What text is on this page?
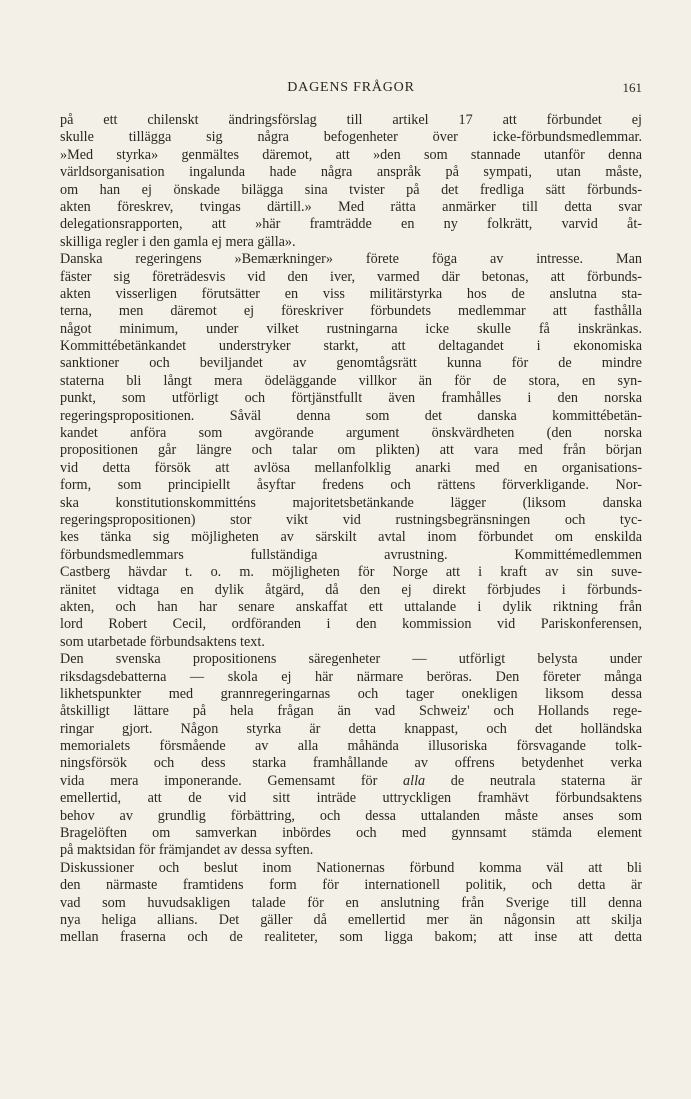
DAGENS FRÅGOR	161
på ett chilenskt ändringsförslag till artikel 17 att förbundet ej
skulle tillägga sig några befogenheter över icke-förbundsmedlemmar.
»Med styrka» genmältes däremot, att »den som stannade utanför denna
världsorganisation ingalunda hade några anspråk på sympati, utan måste,
om han ej önskade bilägga sina tvister på det fredliga sätt förbunds-
akten föreskrev, tvingas därtill.» Med rätta anmärker till detta svar
delegationsrapporten, att »här framträdde en ny folkrätt, varvid åt-
skilliga regler i den gamla ej mera gälla».
Danska regeringens »Bemærkninger» förete föga av intresse. Man
fäster sig företrädesvis vid den iver, varmed där betonas, att förbunds-
akten visserligen förutsätter en viss militärstyrka hos de anslutna sta-
terna, men däremot ej föreskriver förbundets medlemmar att fasthålla
något minimum, under vilket rustningarna icke skulle få inskränkas.
Kommittébetänkandet understryker starkt, att deltagandet i ekonomiska
sanktioner och beviljandet av genomtågsrätt kunna för de mindre
staterna bli långt mera ödeläggande villkor än för de stora, en syn-
punkt, som utförligt och förtjänstfullt även framhålles i den norska
regeringspropositionen. Såväl denna som det danska kommittébetän-
kandet anföra som avgörande argument önskvärdheten (den norska
propositionen går längre och talar om plikten) att vara med från början
vid detta försök att avlösa mellanfolklig anarki med en organisations-
form, som principiellt åsyftar fredens och rättens förverkligande. Nor-
ska konstitutionskommitténs majoritetsbetänkande lägger (liksom danska
regeringspropositionen) stor vikt vid rustningsbegränsningen och tyc-
kes tänka sig möjligheten av särskilt avtal inom förbundet om enskilda
förbundsmedlemmars fullständiga avrustning. Kommittémedlemmen
Castberg hävdar t. o. m. möjligheten för Norge att i kraft av sin suve-
ränitet vidtaga en dylik åtgärd, då den ej direkt förbjudes i förbunds-
akten, och han har senare anskaffat ett uttalande i dylik riktning från
lord Robert Cecil, ordföranden i den kommission vid Pariskonferensen,
som utarbetade förbundsaktens text.
Den svenska propositionens säregenheter — utförligt belysta under
riksdagsdebatterna — skola ej här närmare beröras. Den företer många
likhetspunkter med grannregeringarnas och tager onekligen liksom dessa
åtskilligt lättare på hela frågan än vad Schweiz' och Hollands rege-
ringar gjort. Någon styrka är detta knappast, och det holländska
memorialets försmående av alla måhända illusoriska försvagande tolk-
ningsförsök och dess starka framhållande av offrens betydenhet verka
vida mera imponerande. Gemensamt för alla de neutrala staterna är
emellertid, att de vid sitt inträde uttryckligen framhävt förbundsaktens
behov av grundlig förbättring, och dessa uttalanden måste anses som
Bragelöften om samverkan inbördes och med gynnsamt stämda element
på maktsidan för främjandet av dessa syften.
Diskussioner och beslut inom Nationernas förbund komma väl att bli
den närmaste framtidens form för internationell politik, och detta är
vad som huvudsakligen talade för en anslutning från Sverige till denna
nya heliga allians. Det gäller då emellertid mer än någonsin att skilja
mellan fraserna och de realiteter, som ligga bakom; att inse att detta
